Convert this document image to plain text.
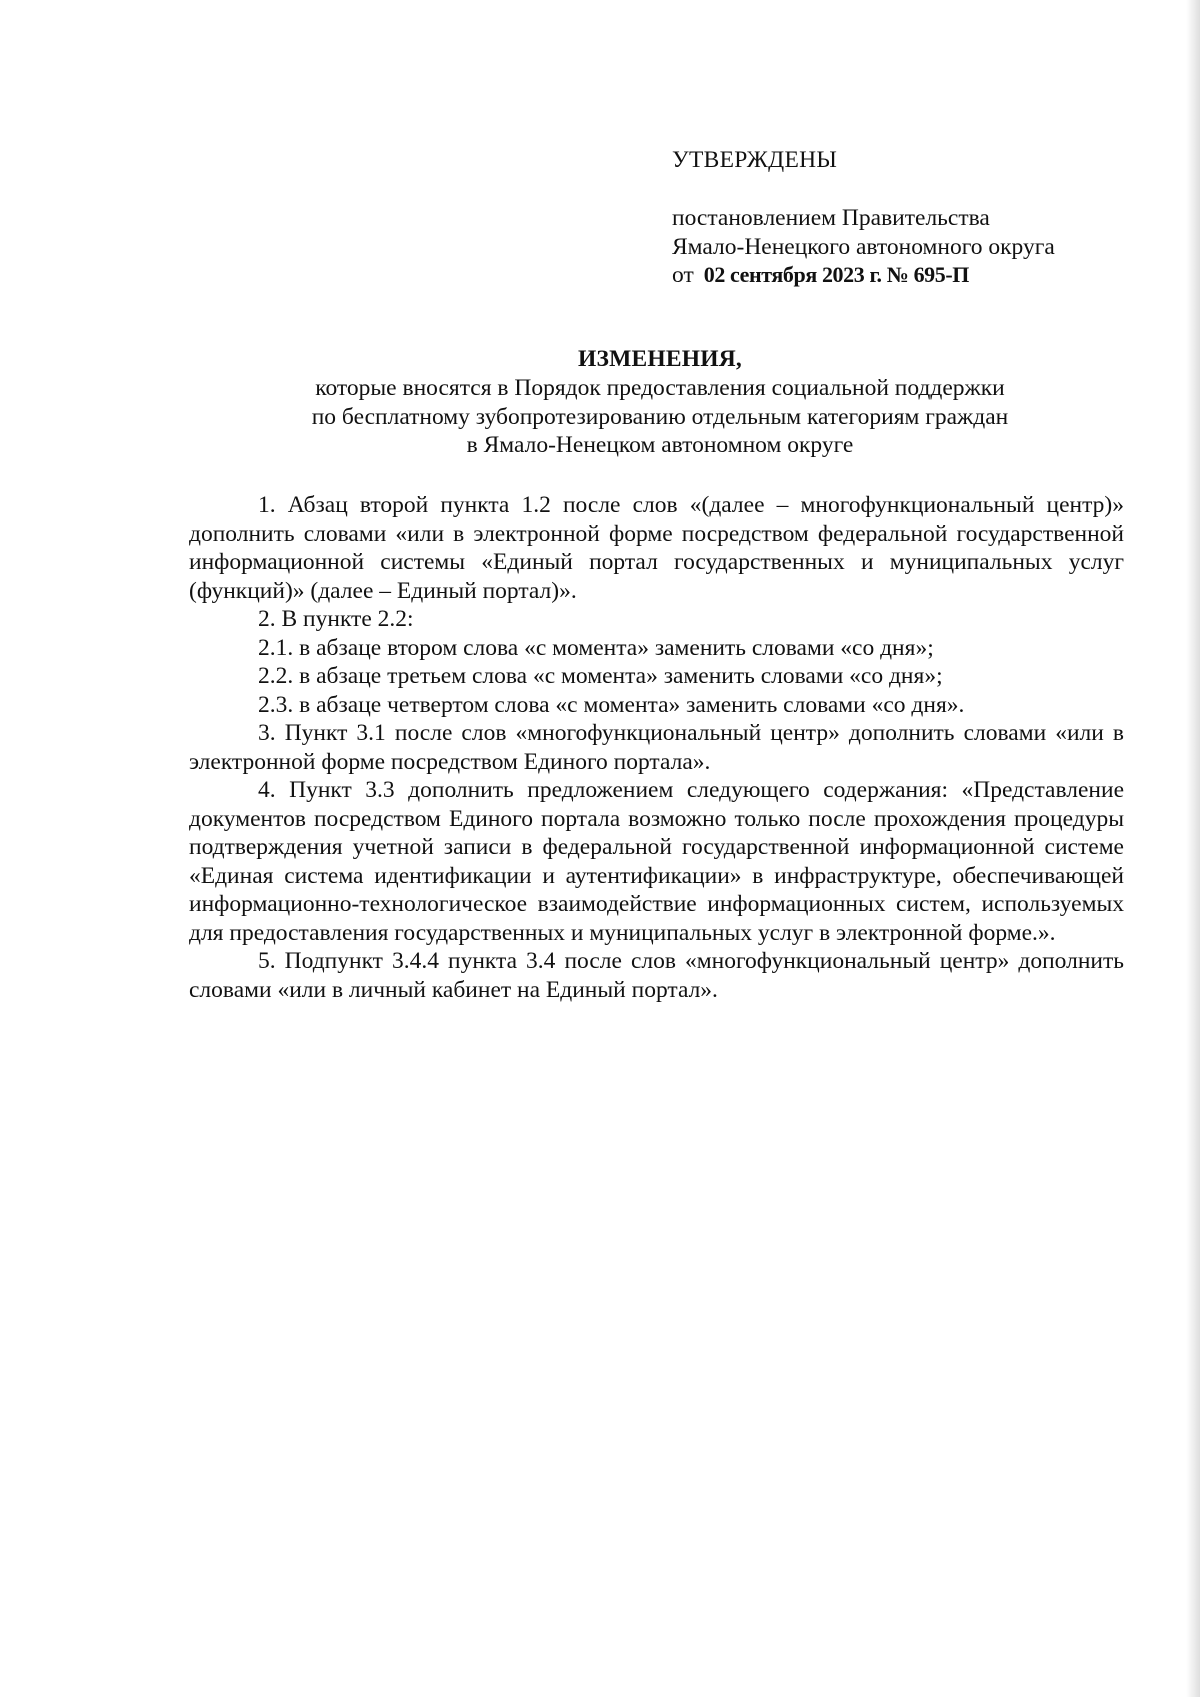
УТВЕРЖДЕНЫ

постановлением Правительства
Ямало-Ненецкого автономного округа
от 02 сентября 2023 г. № 695-П
ИЗМЕНЕНИЯ,
которые вносятся в Порядок предоставления социальной поддержки
по бесплатному зубопротезированию отдельным категориям граждан
в Ямало-Ненецком автономном округе

1. Абзац второй пункта 1.2 после слов «(далее – многофункциональный центр)» дополнить словами «или в электронной форме посредством федеральной государственной информационной системы «Единый портал государственных и муниципальных услуг (функций)» (далее – Единый портал)».

2. В пункте 2.2:

2.1. в абзаце втором слова «с момента» заменить словами «со дня»;

2.2. в абзаце третьем слова «с момента» заменить словами «со дня»;

2.3. в абзаце четвертом слова «с момента» заменить словами «со дня».

3. Пункт 3.1 после слов «многофункциональный центр» дополнить словами «или в электронной форме посредством Единого портала».

4. Пункт 3.3 дополнить предложением следующего содержания: «Представление документов посредством Единого портала возможно только после прохождения процедуры подтверждения учетной записи в федеральной государственной информационной системе «Единая система идентификации и аутентификации» в инфраструктуре, обеспечивающей информационно-технологическое взаимодействие информационных систем, используемых для предоставления государственных и муниципальных услуг в электронной форме.».

5. Подпункт 3.4.4 пункта 3.4 после слов «многофункциональный центр» дополнить словами «или в личный кабинет на Единый портал».
